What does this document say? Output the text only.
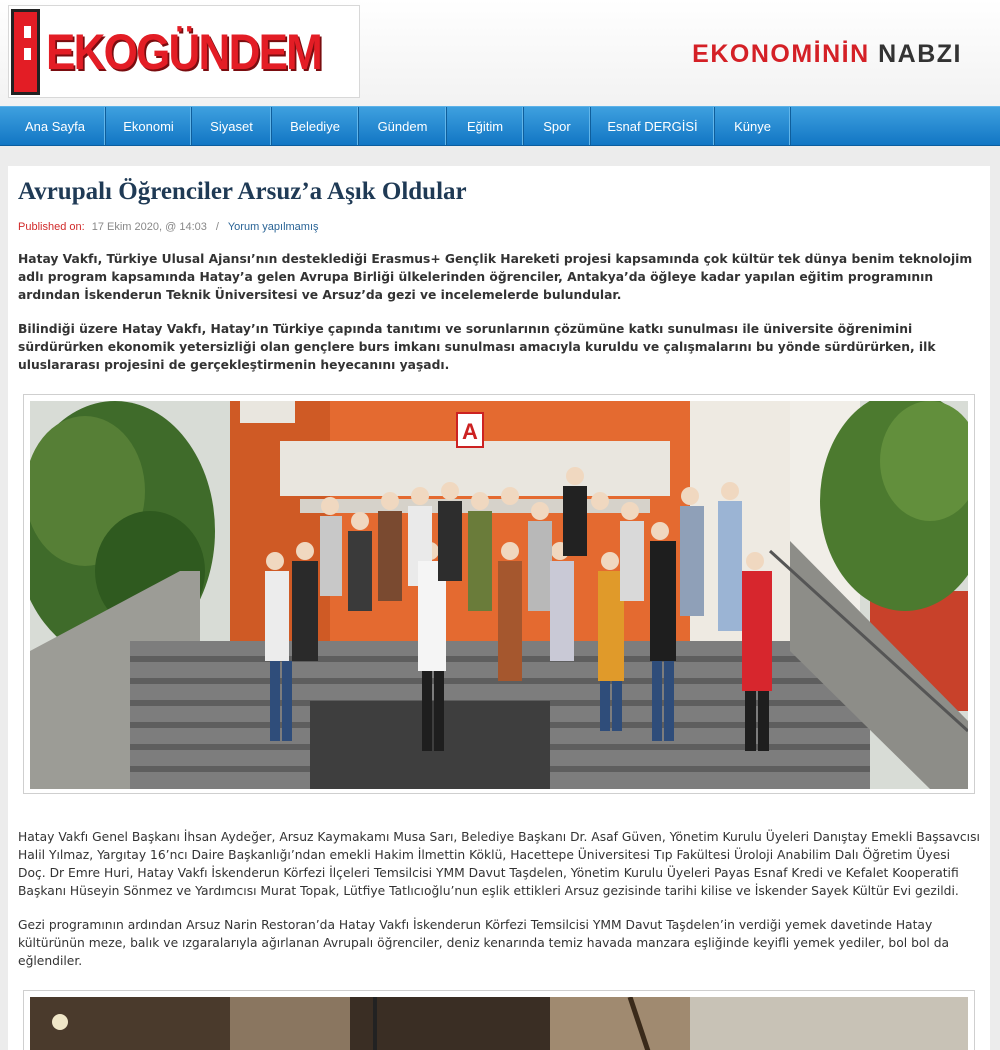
EKOGÜNDEM	EKONOMİNİN NABZI
Ana Sayfa	Ekonomi	Siyaset	Belediye	Gündem	Eğitim	Spor	Esnaf DERGİSİ	Künye
Avrupalı Öğrenciler Arsuz’a Aşık Oldular
Published on: 17 Ekim 2020, @ 14:03 / Yorum yapılmamış

Hatay Vakfı, Türkiye Ulusal Ajansı’nın desteklediği Erasmus+ Gençlik Hareketi projesi kapsamında çok kültür tek dünya benim teknolojim adlı program kapsamında Hatay’a gelen Avrupa Birliği ülkelerinden öğrenciler, Antakya’da öğleye kadar yapılan eğitim programının ardından İskenderun Teknik Üniversitesi ve Arsuz’da gezi ve incelemelerde bulundular.

Bilindiği üzere Hatay Vakfı, Hatay’ın Türkiye çapında tanıtımı ve sorunlarının çözümüne katkı sunulması ile üniversite öğrenimini sürdürürken ekonomik yetersizliği olan gençlere burs imkanı sunulması amacıyla kuruldu ve çalışmalarını bu yönde sürdürürken, ilk uluslararası projesini de gerçekleştirmenin heyecanını yaşadı.

A

Hatay Vakfı Genel Başkanı İhsan Aydeğer, Arsuz Kaymakamı Musa Sarı, Belediye Başkanı Dr. Asaf Güven, Yönetim Kurulu Üyeleri Danıştay Emekli Başsavcısı Halil Yılmaz, Yargıtay 16’ncı Daire Başkanlığı’ndan emekli Hakim İlmettin Köklü, Hacettepe Üniversitesi Tıp Fakültesi Üroloji Anabilim Dalı Öğretim Üyesi Doç. Dr Emre Huri, Hatay Vakfı İskenderun Körfezi İlçeleri Temsilcisi YMM Davut Taşdelen, Yönetim Kurulu Üyeleri Payas Esnaf Kredi ve Kefalet Kooperatifi Başkanı Hüseyin Sönmez ve Yardımcısı Murat Topak, Lütfiye Tatlıcıoğlu’nun eşlik ettikleri Arsuz gezisinde tarihi kilise ve İskender Sayek Kültür Evi gezildi.

Gezi programının ardından Arsuz Narin Restoran’da Hatay Vakfı İskenderun Körfezi Temsilcisi YMM Davut Taşdelen’in verdiği yemek davetinde Hatay kültürünün meze, balık ve ızgaralarıyla ağırlanan Avrupalı öğrenciler, deniz kenarında temiz havada manzara eşliğinde keyifli yemek yediler, bol bol da eğlendiler.
